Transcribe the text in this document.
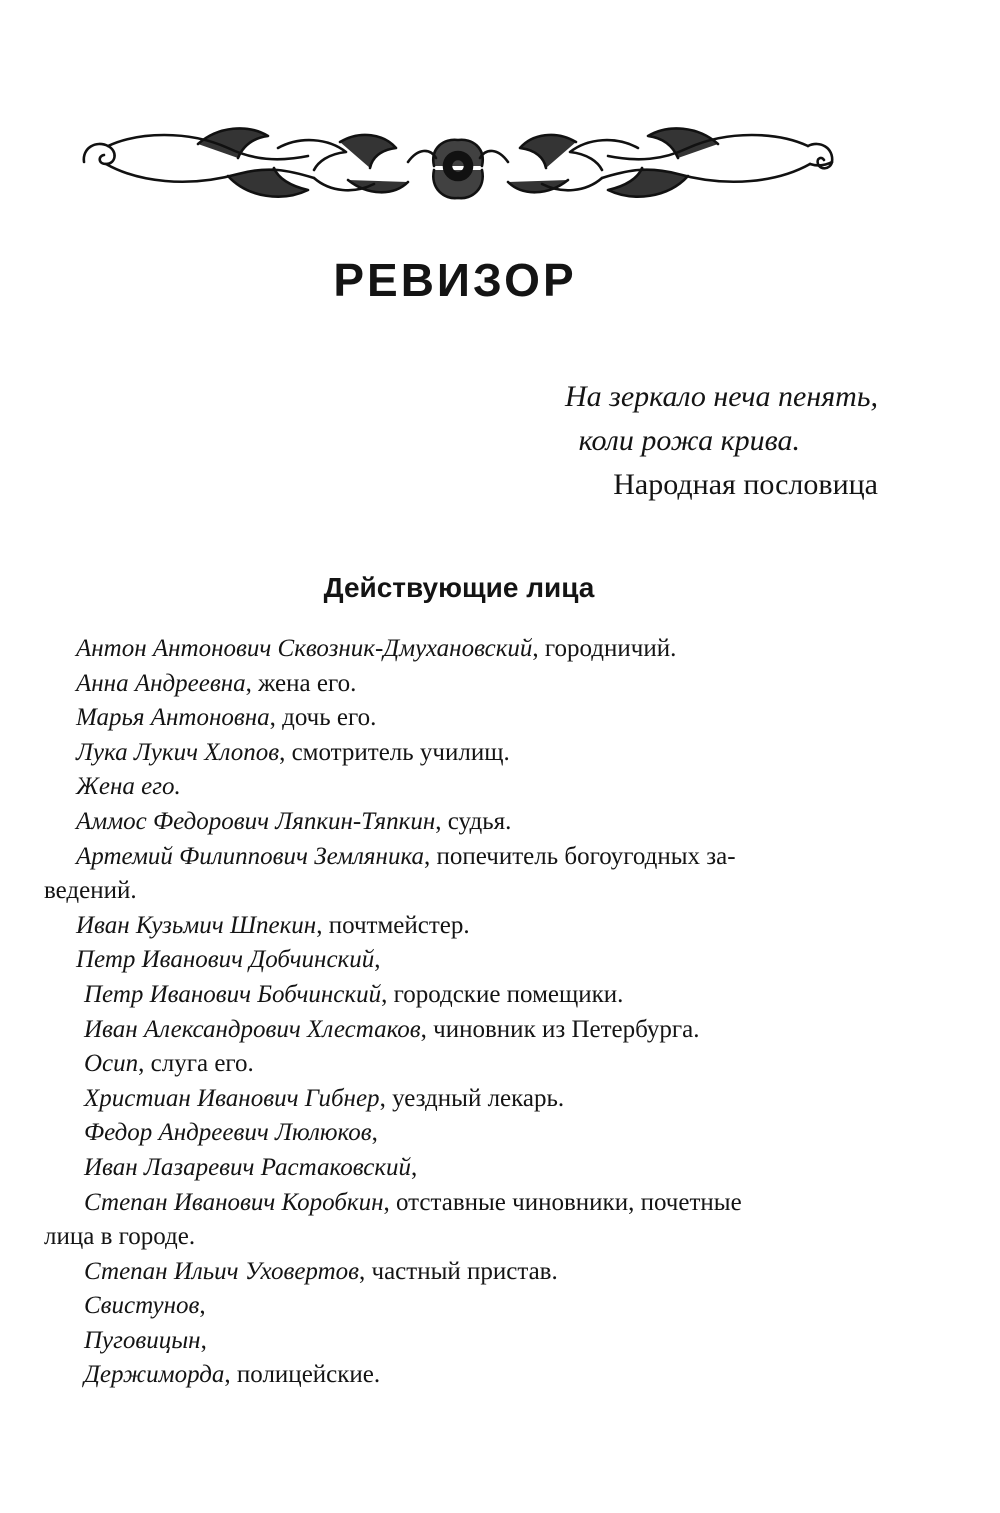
РЕВИЗОР
На зеркало неча пенять,
коли рожа крива.
Народная пословица
Действующие лица
Антон Антонович Сквозник-Дмухановский, городничий.
Анна Андреевна, жена его.
Марья Антоновна, дочь его.
Лука Лукич Хлопов, смотритель училищ.
Жена его.
Аммос Федорович Ляпкин-Тяпкин, судья.
Артемий Филиппович Земляника, попечитель богоугодных за-
ведений.
Иван Кузьмич Шпекин, почтмейстер.
Петр Иванович Добчинский,
Петр Иванович Бобчинский, городские помещики.
Иван Александрович Хлестаков, чиновник из Петербурга.
Осип, слуга его.
Христиан Иванович Гибнер, уездный лекарь.
Федор Андреевич Люлюков,
Иван Лазаревич Растаковский,
Степан Иванович Коробкин, отставные чиновники, почетные
лица в городе.
Степан Ильич Уховертов, частный пристав.
Свистунов,
Пуговицын,
Держиморда, полицейские.
